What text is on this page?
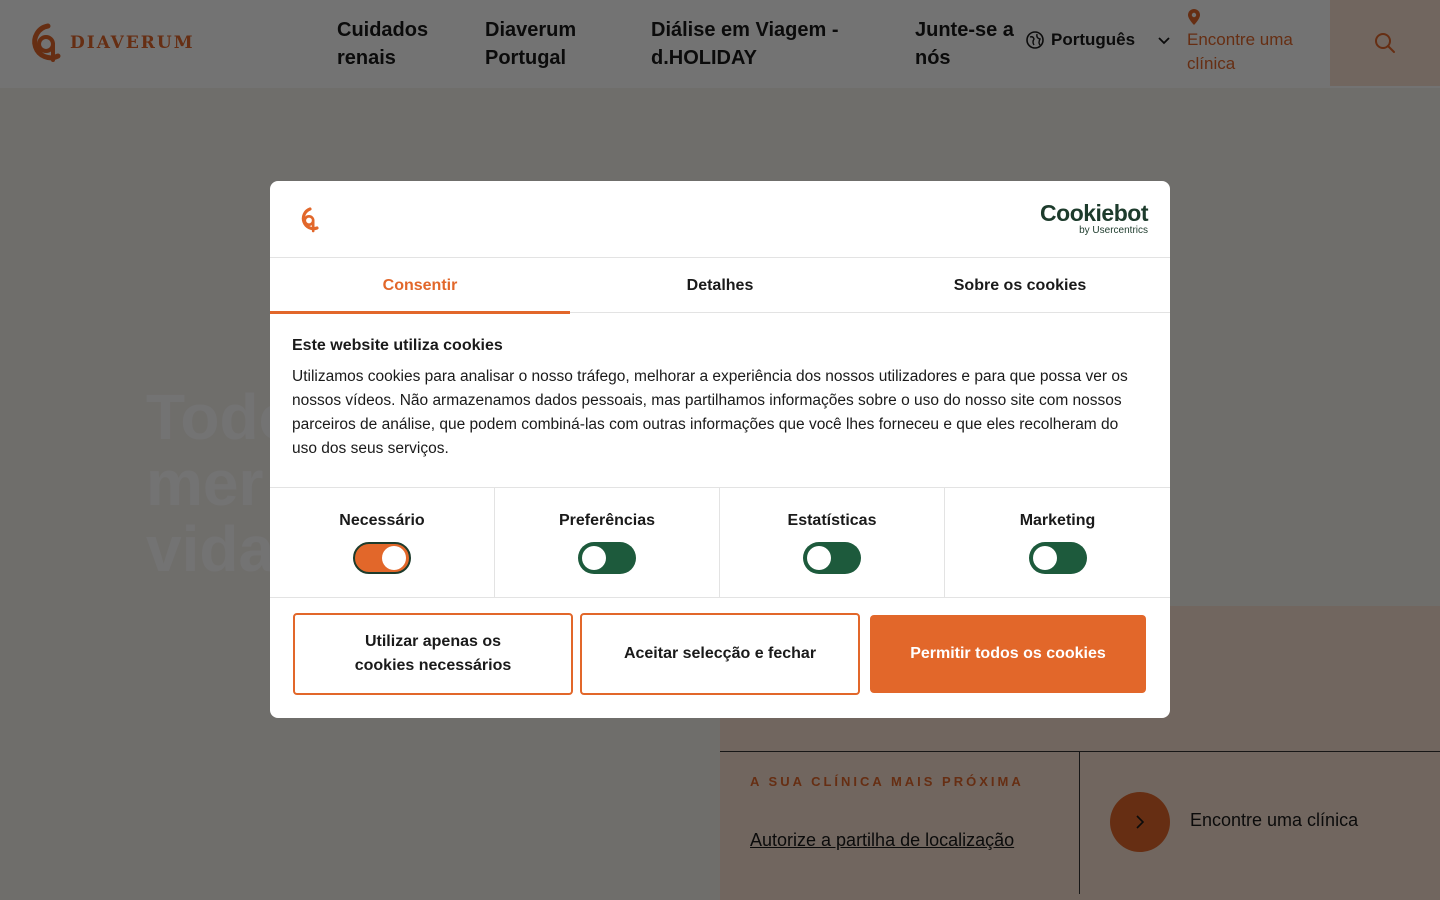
Cookiebot
by Usercentrics
Consentir	Detalhes	Sobre os cookies
Este website utiliza cookies
Utilizamos cookies para analisar o nosso tráfego, melhorar a experiência dos nossos utilizadores e para que possa ver os nossos vídeos. Não armazenamos dados pessoais, mas partilhamos informações sobre o uso do nosso site com nossos parceiros de análise, que podem combiná-las com outras informações que você lhes forneceu e que eles recolheram do uso dos seus serviços.
Necessário	Preferências	Estatísticas	Marketing
Utilizar apenas os cookies necessários
Aceitar selecção e fechar	Permitir todos os cookies
